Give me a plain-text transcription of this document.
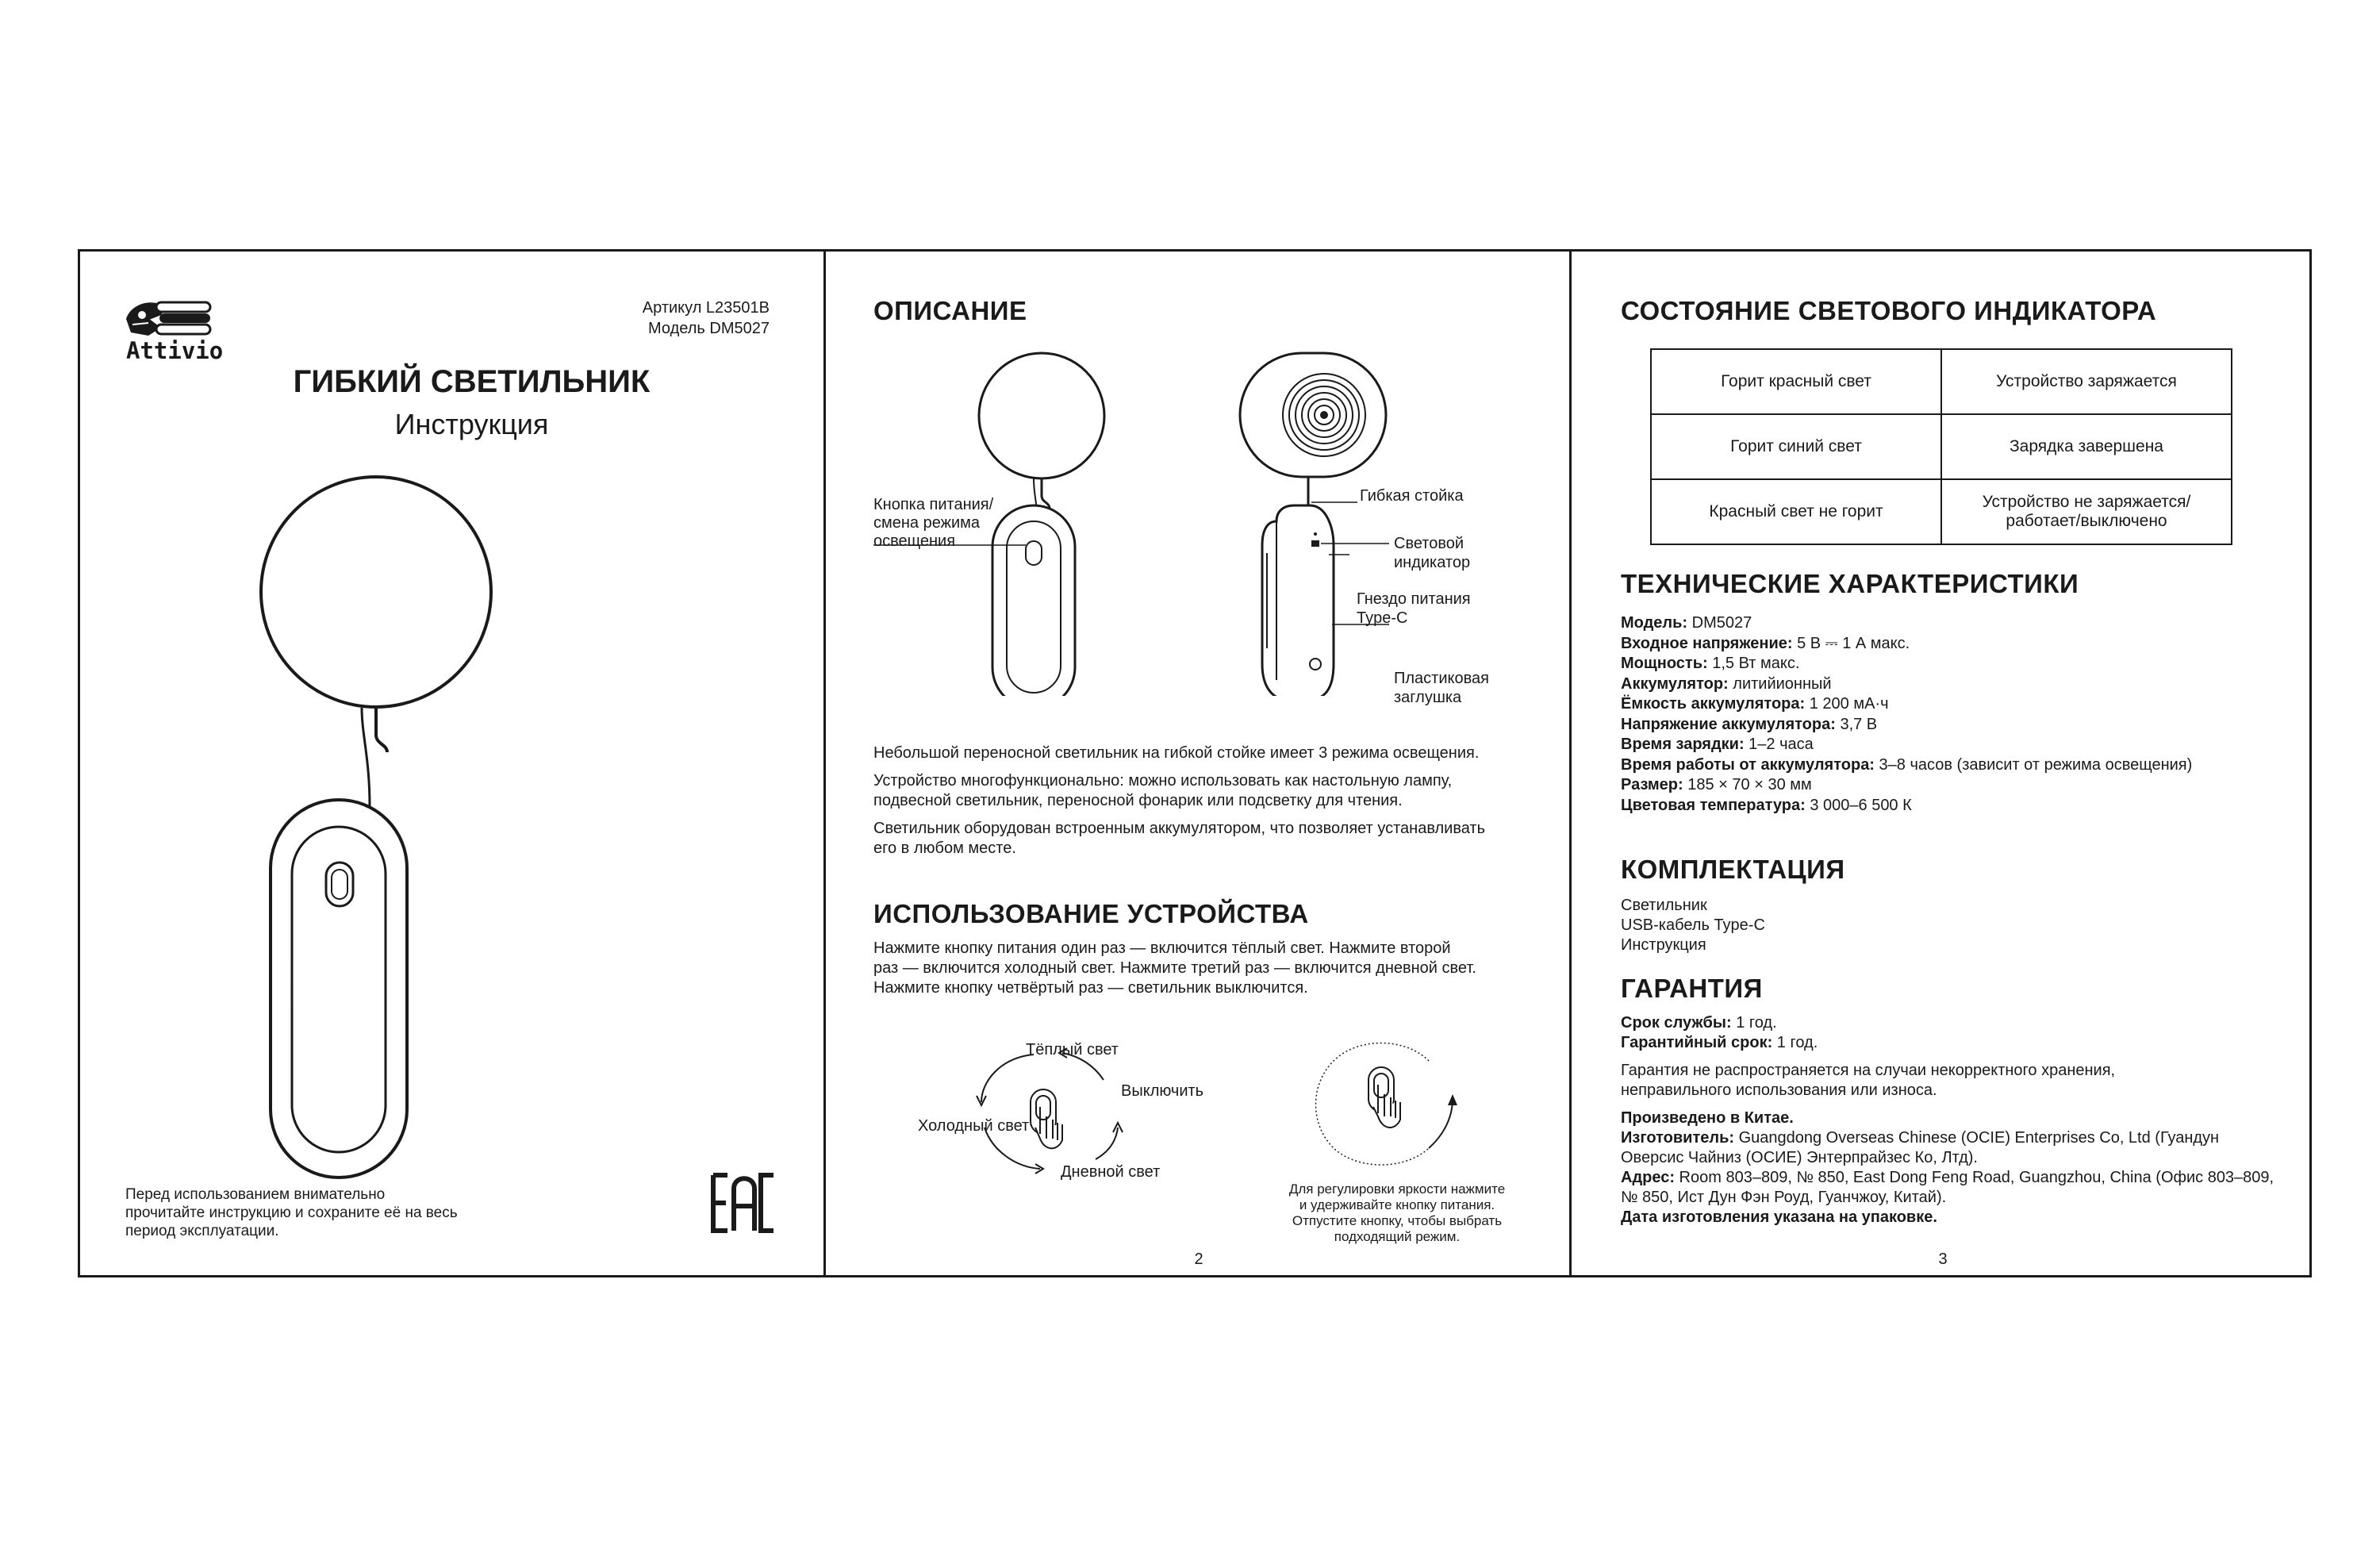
Attivio
Артикул L23501B
Модель DM5027
ГИБКИЙ СВЕТИЛЬНИК
Инструкция
Перед использованием внимательно
прочитайте инструкцию и сохраните её на весь
период эксплуатации.
ОПИСАНИЕ
Кнопка питания/
смена режима
освещения
Гибкая стойка
Световой
индикатор
Гнездо питания
Type-C
Пластиковая
заглушка
Небольшой переносной светильник на гибкой стойке имеет 3 режима освещения.
Устройство многофункционально: можно использовать как настольную лампу,
подвесной светильник, переносной фонарик или подсветку для чтения.
Светильник оборудован встроенным аккумулятором, что позволяет устанавливать
его в любом месте.
ИСПОЛЬЗОВАНИЕ УСТРОЙСТВА
Нажмите кнопку питания один раз — включится тёплый свет. Нажмите второй
раз — включится холодный свет. Нажмите третий раз — включится дневной свет.
Нажмите кнопку четвёртый раз — светильник выключится.
Тёплый свет
Выключить
Холодный свет
Дневной свет
Для регулировки яркости нажмите
и удерживайте кнопку питания.
Отпустите кнопку, чтобы выбрать
подходящий режим.
2
СОСТОЯНИЕ СВЕТОВОГО ИНДИКАТОРА
Горит красный свет	Устройство заряжается
Горит синий свет	Зарядка завершена
Красный свет не горит	Устройство не заряжается/ работает/выключено
ТЕХНИЧЕСКИЕ ХАРАКТЕРИСТИКИ
Модель: DM5027
Входное напряжение: 5 В ⎓ 1 А макс.
Мощность: 1,5 Вт макс.
Аккумулятор: литийионный
Ёмкость аккумулятора: 1 200 мА·ч
Напряжение аккумулятора: 3,7 В
Время зарядки: 1–2 часа
Время работы от аккумулятора: 3–8 часов (зависит от режима освещения)
Размер: 185 × 70 × 30 мм
Цветовая температура: 3 000–6 500 К
КОМПЛЕКТАЦИЯ
Светильник
USB-кабель Type-C
Инструкция
ГАРАНТИЯ
Срок службы: 1 год.
Гарантийный срок: 1 год.
Гарантия не распространяется на случаи некорректного хранения,
неправильного использования или износа.
Произведено в Китае.
Изготовитель: Guangdong Overseas Chinese (OCIE) Enterprises Co, Ltd (Гуандун
Оверсис Чайниз (ОСИЕ) Энтерпрайзес Ко, Лтд).
Адрес: Room 803–809, № 850, East Dong Feng Road, Guangzhou, China (Офис 803–809,
№ 850, Ист Дун Фэн Роуд, Гуанчжоу, Китай).
Дата изготовления указана на упаковке.
3
